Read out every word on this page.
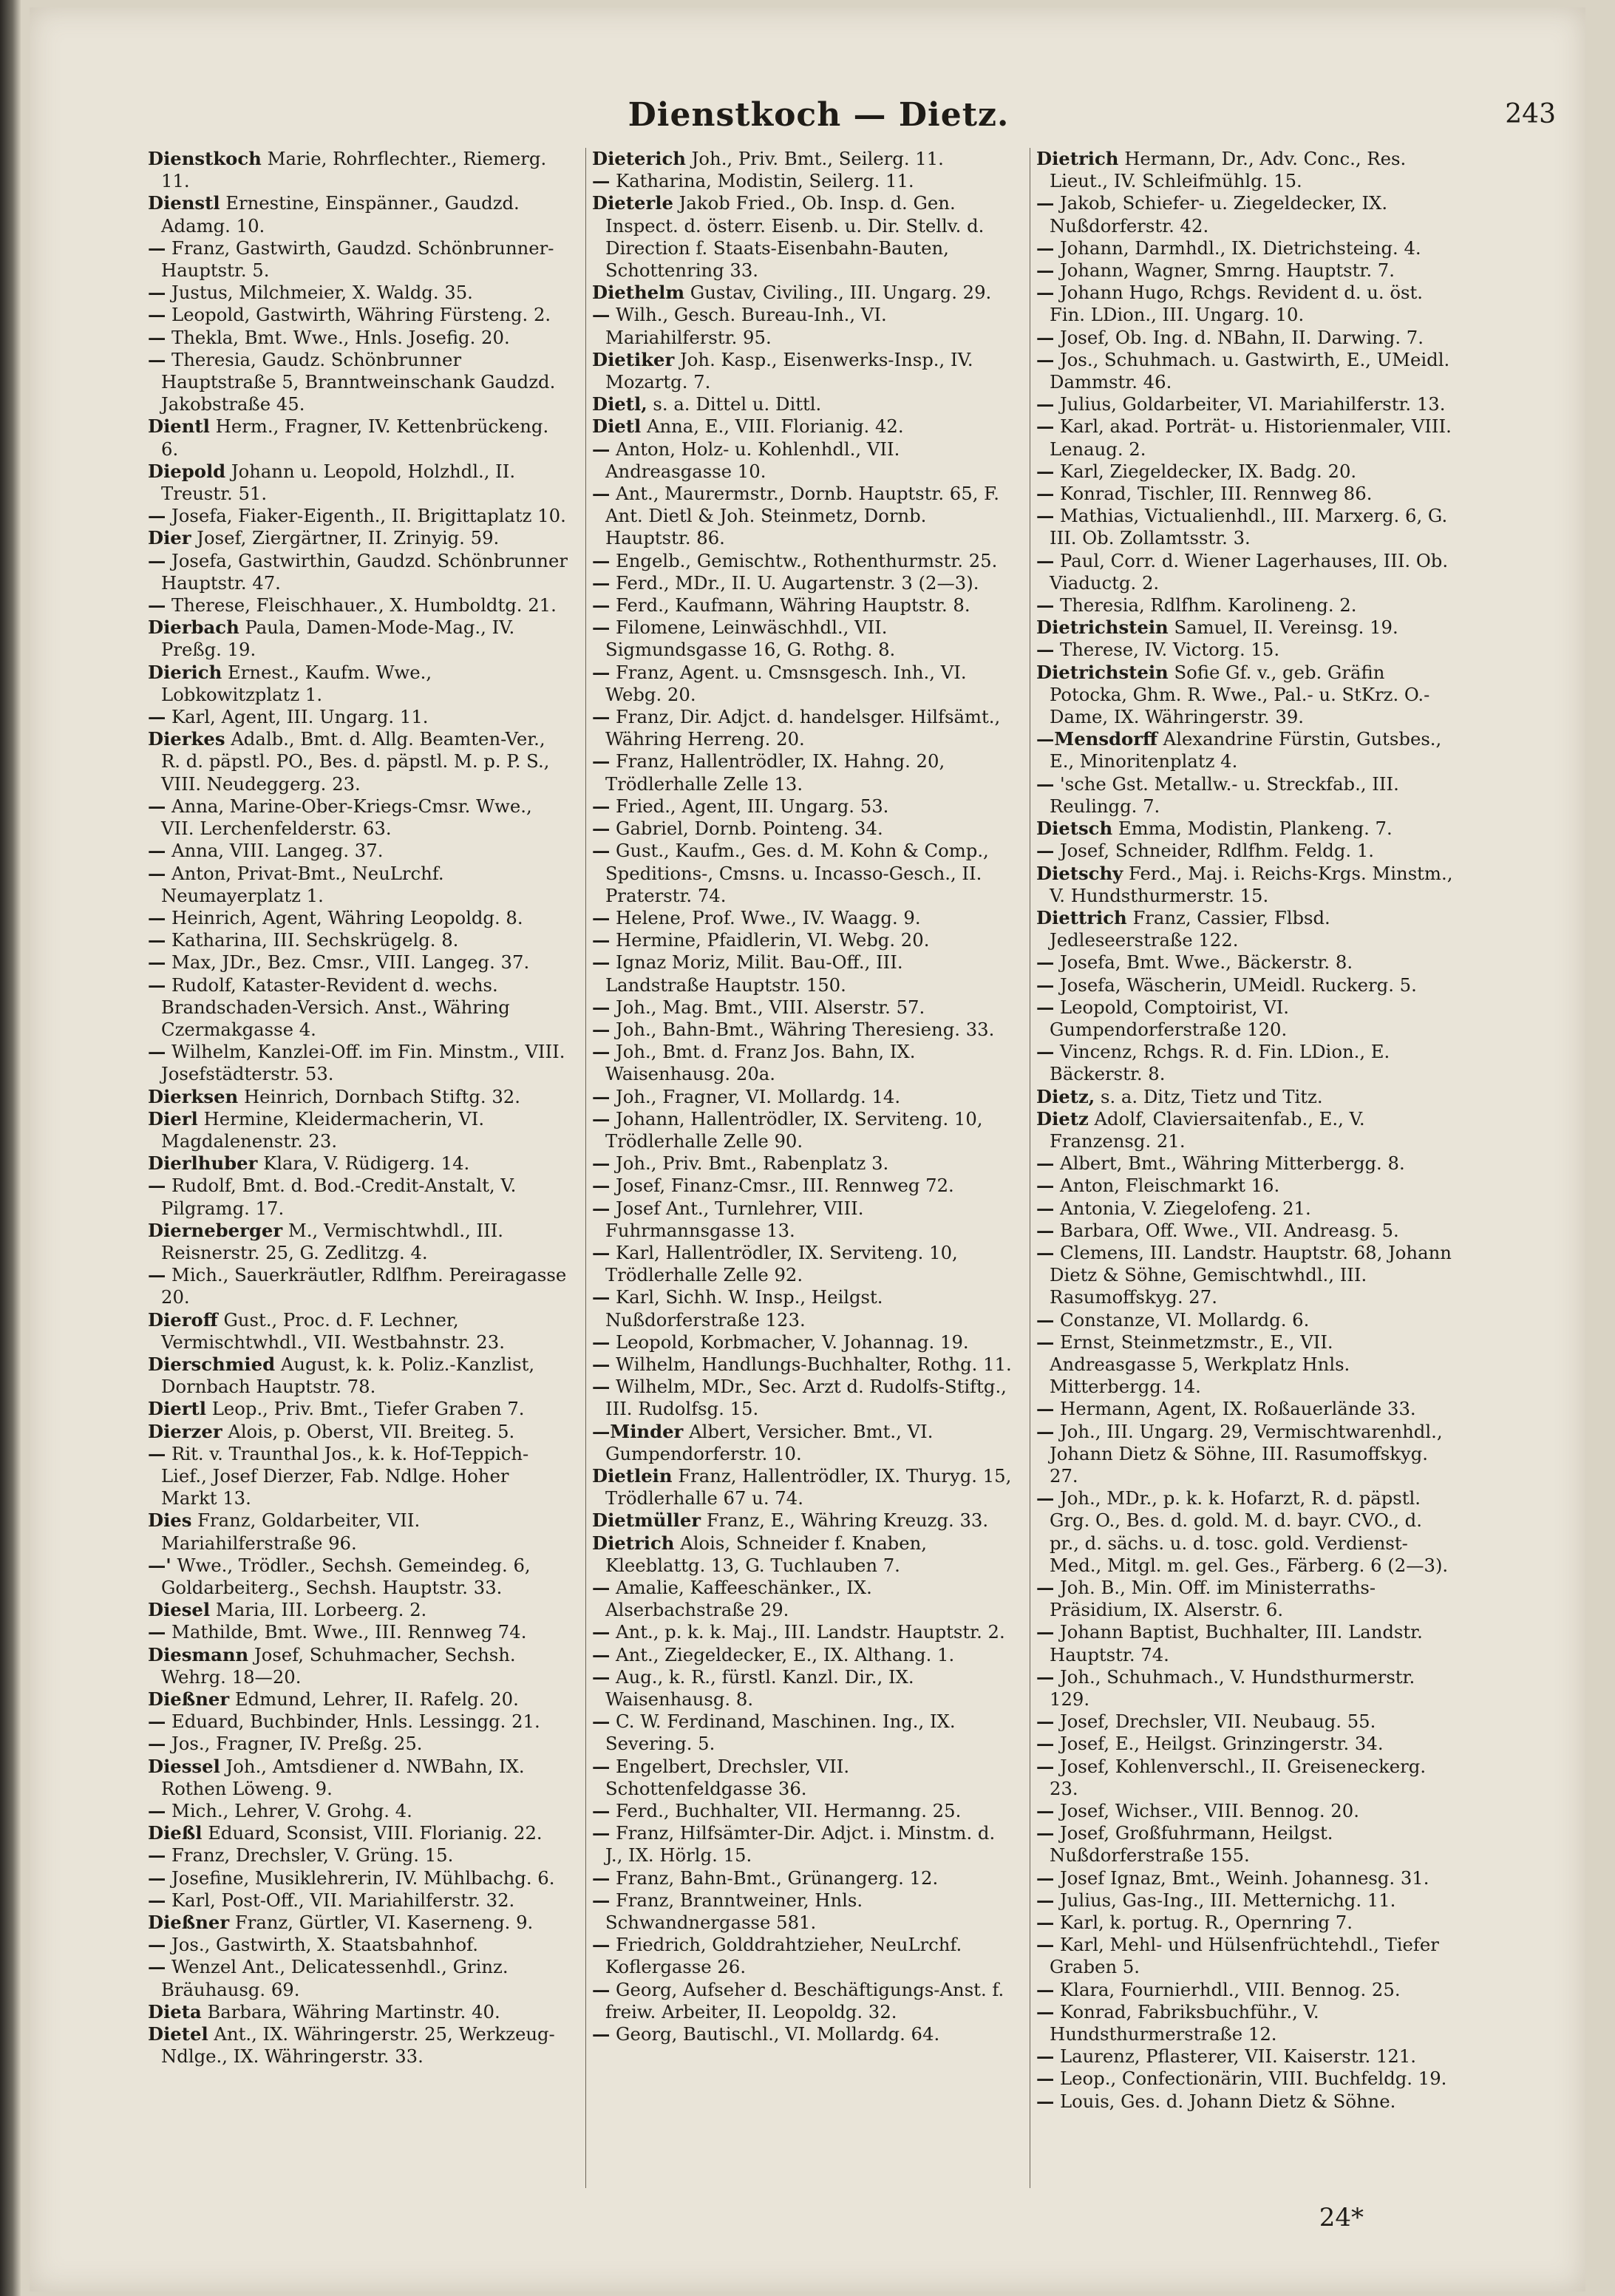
Dienstkoch — Dietz.	243

Dienstkoch Marie, Rohrflechter., Riemerg. 11.

Dienstl Ernestine, Einspänner., Gaudzd. Adamg. 10.

— Franz, Gastwirth, Gaudzd. Schönbrunner-Hauptstr. 5.

— Justus, Milchmeier, X. Waldg. 35.

— Leopold, Gastwirth, Währing Fürsteng. 2.

— Thekla, Bmt. Wwe., Hnls. Josefig. 20.

— Theresia, Gaudz. Schönbrunner Hauptstraße 5, Branntweinschank Gaudzd. Jakobstraße 45.

Dientl Herm., Fragner, IV. Kettenbrückeng. 6.

Diepold Johann u. Leopold, Holzhdl., II. Treustr. 51.

— Josefa, Fiaker-Eigenth., II. Brigittaplatz 10.

Dier Josef, Ziergärtner, II. Zrinyig. 59.

— Josefa, Gastwirthin, Gaudzd. Schönbrunner Hauptstr. 47.

— Therese, Fleischhauer., X. Humboldtg. 21.

Dierbach Paula, Damen-Mode-Mag., IV. Preßg. 19.

Dierich Ernest., Kaufm. Wwe., Lobkowitzplatz 1.

— Karl, Agent, III. Ungarg. 11.

Dierkes Adalb., Bmt. d. Allg. Beamten-Ver., R. d. päpstl. PO., Bes. d. päpstl. M. p. P. S., VIII. Neudeggerg. 23.

— Anna, Marine-Ober-Kriegs-Cmsr. Wwe., VII. Lerchenfelderstr. 63.

— Anna, VIII. Langeg. 37.

— Anton, Privat-Bmt., NeuLrchf. Neumayerplatz 1.

— Heinrich, Agent, Währing Leopoldg. 8.

— Katharina, III. Sechskrügelg. 8.

— Max, JDr., Bez. Cmsr., VIII. Langeg. 37.

— Rudolf, Kataster-Revident d. wechs. Brandschaden-Versich. Anst., Währing Czermakgasse 4.

— Wilhelm, Kanzlei-Off. im Fin. Minstm., VIII. Josefstädterstr. 53.

Dierksen Heinrich, Dornbach Stiftg. 32.

Dierl Hermine, Kleidermacherin, VI. Magdalenenstr. 23.

Dierlhuber Klara, V. Rüdigerg. 14.

— Rudolf, Bmt. d. Bod.-Credit-Anstalt, V. Pilgramg. 17.

Dierneberger M., Vermischtwhdl., III. Reisnerstr. 25, G. Zedlitzg. 4.

— Mich., Sauerkräutler, Rdlfhm. Pereiragasse 20.

Dieroff Gust., Proc. d. F. Lechner, Vermischtwhdl., VII. Westbahnstr. 23.

Dierschmied August, k. k. Poliz.-Kanzlist, Dornbach Hauptstr. 78.

Diertl Leop., Priv. Bmt., Tiefer Graben 7.

Dierzer Alois, p. Oberst, VII. Breiteg. 5.

— Rit. v. Traunthal Jos., k. k. Hof-Teppich-Lief., Josef Dierzer, Fab. Ndlge. Hoher Markt 13.

Dies Franz, Goldarbeiter, VII. Mariahilferstraße 96.

—' Wwe., Trödler., Sechsh. Gemeindeg. 6, Goldarbeiterg., Sechsh. Hauptstr. 33.

Diesel Maria, III. Lorbeerg. 2.

— Mathilde, Bmt. Wwe., III. Rennweg 74.

Diesmann Josef, Schuhmacher, Sechsh. Wehrg. 18—20.

Dießner Edmund, Lehrer, II. Rafelg. 20.

— Eduard, Buchbinder, Hnls. Lessingg. 21.

— Jos., Fragner, IV. Preßg. 25.

Diessel Joh., Amtsdiener d. NWBahn, IX. Rothen Löweng. 9.

— Mich., Lehrer, V. Grohg. 4.

Dießl Eduard, Sconsist, VIII. Florianig. 22.

— Franz, Drechsler, V. Grüng. 15.

— Josefine, Musiklehrerin, IV. Mühlbachg. 6.

— Karl, Post-Off., VII. Mariahilferstr. 32.

Dießner Franz, Gürtler, VI. Kaserneng. 9.

— Jos., Gastwirth, X. Staatsbahnhof.

— Wenzel Ant., Delicatessenhdl., Grinz. Bräuhausg. 69.

Dieta Barbara, Währing Martinstr. 40.

Dietel Ant., IX. Währingerstr. 25, Werkzeug-Ndlge., IX. Währingerstr. 33.

Dieterich Joh., Priv. Bmt., Seilerg. 11.

— Katharina, Modistin, Seilerg. 11.

Dieterle Jakob Fried., Ob. Insp. d. Gen. Inspect. d. österr. Eisenb. u. Dir. Stellv. d. Direction f. Staats-Eisenbahn-Bauten, Schottenring 33.

Diethelm Gustav, Civiling., III. Ungarg. 29.

— Wilh., Gesch. Bureau-Inh., VI. Mariahilferstr. 95.

Dietiker Joh. Kasp., Eisenwerks-Insp., IV. Mozartg. 7.

Dietl, s. a. Dittel u. Dittl.

Dietl Anna, E., VIII. Florianig. 42.

— Anton, Holz- u. Kohlenhdl., VII. Andreasgasse 10.

— Ant., Maurermstr., Dornb. Hauptstr. 65, F. Ant. Dietl & Joh. Steinmetz, Dornb. Hauptstr. 86.

— Engelb., Gemischtw., Rothenthurmstr. 25.

— Ferd., MDr., II. U. Augartenstr. 3 (2—3).

— Ferd., Kaufmann, Währing Hauptstr. 8.

— Filomene, Leinwäschhdl., VII. Sigmundsgasse 16, G. Rothg. 8.

— Franz, Agent. u. Cmsnsgesch. Inh., VI. Webg. 20.

— Franz, Dir. Adjct. d. handelsger. Hilfsämt., Währing Herreng. 20.

— Franz, Hallentrödler, IX. Hahng. 20, Trödlerhalle Zelle 13.

— Fried., Agent, III. Ungarg. 53.

— Gabriel, Dornb. Pointeng. 34.

— Gust., Kaufm., Ges. d. M. Kohn & Comp., Speditions-, Cmsns. u. Incasso-Gesch., II. Praterstr. 74.

— Helene, Prof. Wwe., IV. Waagg. 9.

— Hermine, Pfaidlerin, VI. Webg. 20.

— Ignaz Moriz, Milit. Bau-Off., III. Landstraße Hauptstr. 150.

— Joh., Mag. Bmt., VIII. Alserstr. 57.

— Joh., Bahn-Bmt., Währing Theresieng. 33.

— Joh., Bmt. d. Franz Jos. Bahn, IX. Waisenhausg. 20a.

— Joh., Fragner, VI. Mollardg. 14.

— Johann, Hallentrödler, IX. Serviteng. 10, Trödlerhalle Zelle 90.

— Joh., Priv. Bmt., Rabenplatz 3.

— Josef, Finanz-Cmsr., III. Rennweg 72.

— Josef Ant., Turnlehrer, VIII. Fuhrmannsgasse 13.

— Karl, Hallentrödler, IX. Serviteng. 10, Trödlerhalle Zelle 92.

— Karl, Sichh. W. Insp., Heilgst. Nußdorferstraße 123.

— Leopold, Korbmacher, V. Johannag. 19.

— Wilhelm, Handlungs-Buchhalter, Rothg. 11.

— Wilhelm, MDr., Sec. Arzt d. Rudolfs-Stiftg., III. Rudolfsg. 15.

—Minder Albert, Versicher. Bmt., VI. Gumpendorferstr. 10.

Dietlein Franz, Hallentrödler, IX. Thuryg. 15, Trödlerhalle 67 u. 74.

Dietmüller Franz, E., Währing Kreuzg. 33.

Dietrich Alois, Schneider f. Knaben, Kleeblattg. 13, G. Tuchlauben 7.

— Amalie, Kaffeeschänker., IX. Alserbachstraße 29.

— Ant., p. k. k. Maj., III. Landstr. Hauptstr. 2.

— Ant., Ziegeldecker, E., IX. Althang. 1.

— Aug., k. R., fürstl. Kanzl. Dir., IX. Waisenhausg. 8.

— C. W. Ferdinand, Maschinen. Ing., IX. Severing. 5.

— Engelbert, Drechsler, VII. Schottenfeldgasse 36.

— Ferd., Buchhalter, VII. Hermanng. 25.

— Franz, Hilfsämter-Dir. Adjct. i. Minstm. d. J., IX. Hörlg. 15.

— Franz, Bahn-Bmt., Grünangerg. 12.

— Franz, Branntweiner, Hnls. Schwandnergasse 581.

— Friedrich, Golddrahtzieher, NeuLrchf. Koflergasse 26.

— Georg, Aufseher d. Beschäftigungs-Anst. f. freiw. Arbeiter, II. Leopoldg. 32.

— Georg, Bautischl., VI. Mollardg. 64.

Dietrich Hermann, Dr., Adv. Conc., Res. Lieut., IV. Schleifmühlg. 15.

— Jakob, Schiefer- u. Ziegeldecker, IX. Nußdorferstr. 42.

— Johann, Darmhdl., IX. Dietrichsteing. 4.

— Johann, Wagner, Smrng. Hauptstr. 7.

— Johann Hugo, Rchgs. Revident d. u. öst. Fin. LDion., III. Ungarg. 10.

— Josef, Ob. Ing. d. NBahn, II. Darwing. 7.

— Jos., Schuhmach. u. Gastwirth, E., UMeidl. Dammstr. 46.

— Julius, Goldarbeiter, VI. Mariahilferstr. 13.

— Karl, akad. Porträt- u. Historienmaler, VIII. Lenaug. 2.

— Karl, Ziegeldecker, IX. Badg. 20.

— Konrad, Tischler, III. Rennweg 86.

— Mathias, Victualienhdl., III. Marxerg. 6, G. III. Ob. Zollamtsstr. 3.

— Paul, Corr. d. Wiener Lagerhauses, III. Ob. Viaductg. 2.

— Theresia, Rdlfhm. Karolineng. 2.

Dietrichstein Samuel, II. Vereinsg. 19.

— Therese, IV. Victorg. 15.

Dietrichstein Sofie Gf. v., geb. Gräfin Potocka, Ghm. R. Wwe., Pal.- u. StKrz. O.-Dame, IX. Währingerstr. 39.

—Mensdorff Alexandrine Fürstin, Gutsbes., E., Minoritenplatz 4.

— 'sche Gst. Metallw.- u. Streckfab., III. Reulingg. 7.

Dietsch Emma, Modistin, Plankeng. 7.

— Josef, Schneider, Rdlfhm. Feldg. 1.

Dietschy Ferd., Maj. i. Reichs-Krgs. Minstm., V. Hundsthurmerstr. 15.

Diettrich Franz, Cassier, Flbsd. Jedleseerstraße 122.

— Josefa, Bmt. Wwe., Bäckerstr. 8.

— Josefa, Wäscherin, UMeidl. Ruckerg. 5.

— Leopold, Comptoirist, VI. Gumpendorferstraße 120.

— Vincenz, Rchgs. R. d. Fin. LDion., E. Bäckerstr. 8.

Dietz, s. a. Ditz, Tietz und Titz.

Dietz Adolf, Claviersaitenfab., E., V. Franzensg. 21.

— Albert, Bmt., Währing Mitterbergg. 8.

— Anton, Fleischmarkt 16.

— Antonia, V. Ziegelofeng. 21.

— Barbara, Off. Wwe., VII. Andreasg. 5.

— Clemens, III. Landstr. Hauptstr. 68, Johann Dietz & Söhne, Gemischtwhdl., III. Rasumoffskyg. 27.

— Constanze, VI. Mollardg. 6.

— Ernst, Steinmetzmstr., E., VII. Andreasgasse 5, Werkplatz Hnls. Mitterbergg. 14.

— Hermann, Agent, IX. Roßauerlände 33.

— Joh., III. Ungarg. 29, Vermischtwarenhdl., Johann Dietz & Söhne, III. Rasumoffskyg. 27.

— Joh., MDr., p. k. k. Hofarzt, R. d. päpstl. Grg. O., Bes. d. gold. M. d. bayr. CVO., d. pr., d. sächs. u. d. tosc. gold. Verdienst-Med., Mitgl. m. gel. Ges., Färberg. 6 (2—3).

— Joh. B., Min. Off. im Ministerraths-Präsidium, IX. Alserstr. 6.

— Johann Baptist, Buchhalter, III. Landstr. Hauptstr. 74.

— Joh., Schuhmach., V. Hundsthurmerstr. 129.

— Josef, Drechsler, VII. Neubaug. 55.

— Josef, E., Heilgst. Grinzingerstr. 34.

— Josef, Kohlenverschl., II. Greiseneckerg. 23.

— Josef, Wichser., VIII. Bennog. 20.

— Josef, Großfuhrmann, Heilgst. Nußdorferstraße 155.

— Josef Ignaz, Bmt., Weinh. Johannesg. 31.

— Julius, Gas-Ing., III. Metternichg. 11.

— Karl, k. portug. R., Opernring 7.

— Karl, Mehl- und Hülsenfrüchtehdl., Tiefer Graben 5.

— Klara, Fournierhdl., VIII. Bennog. 25.

— Konrad, Fabriksbuchführ., V. Hundsthurmerstraße 12.

— Laurenz, Pflasterer, VII. Kaiserstr. 121.

— Leop., Confectionärin, VIII. Buchfeldg. 19.

— Louis, Ges. d. Johann Dietz & Söhne.

24*
